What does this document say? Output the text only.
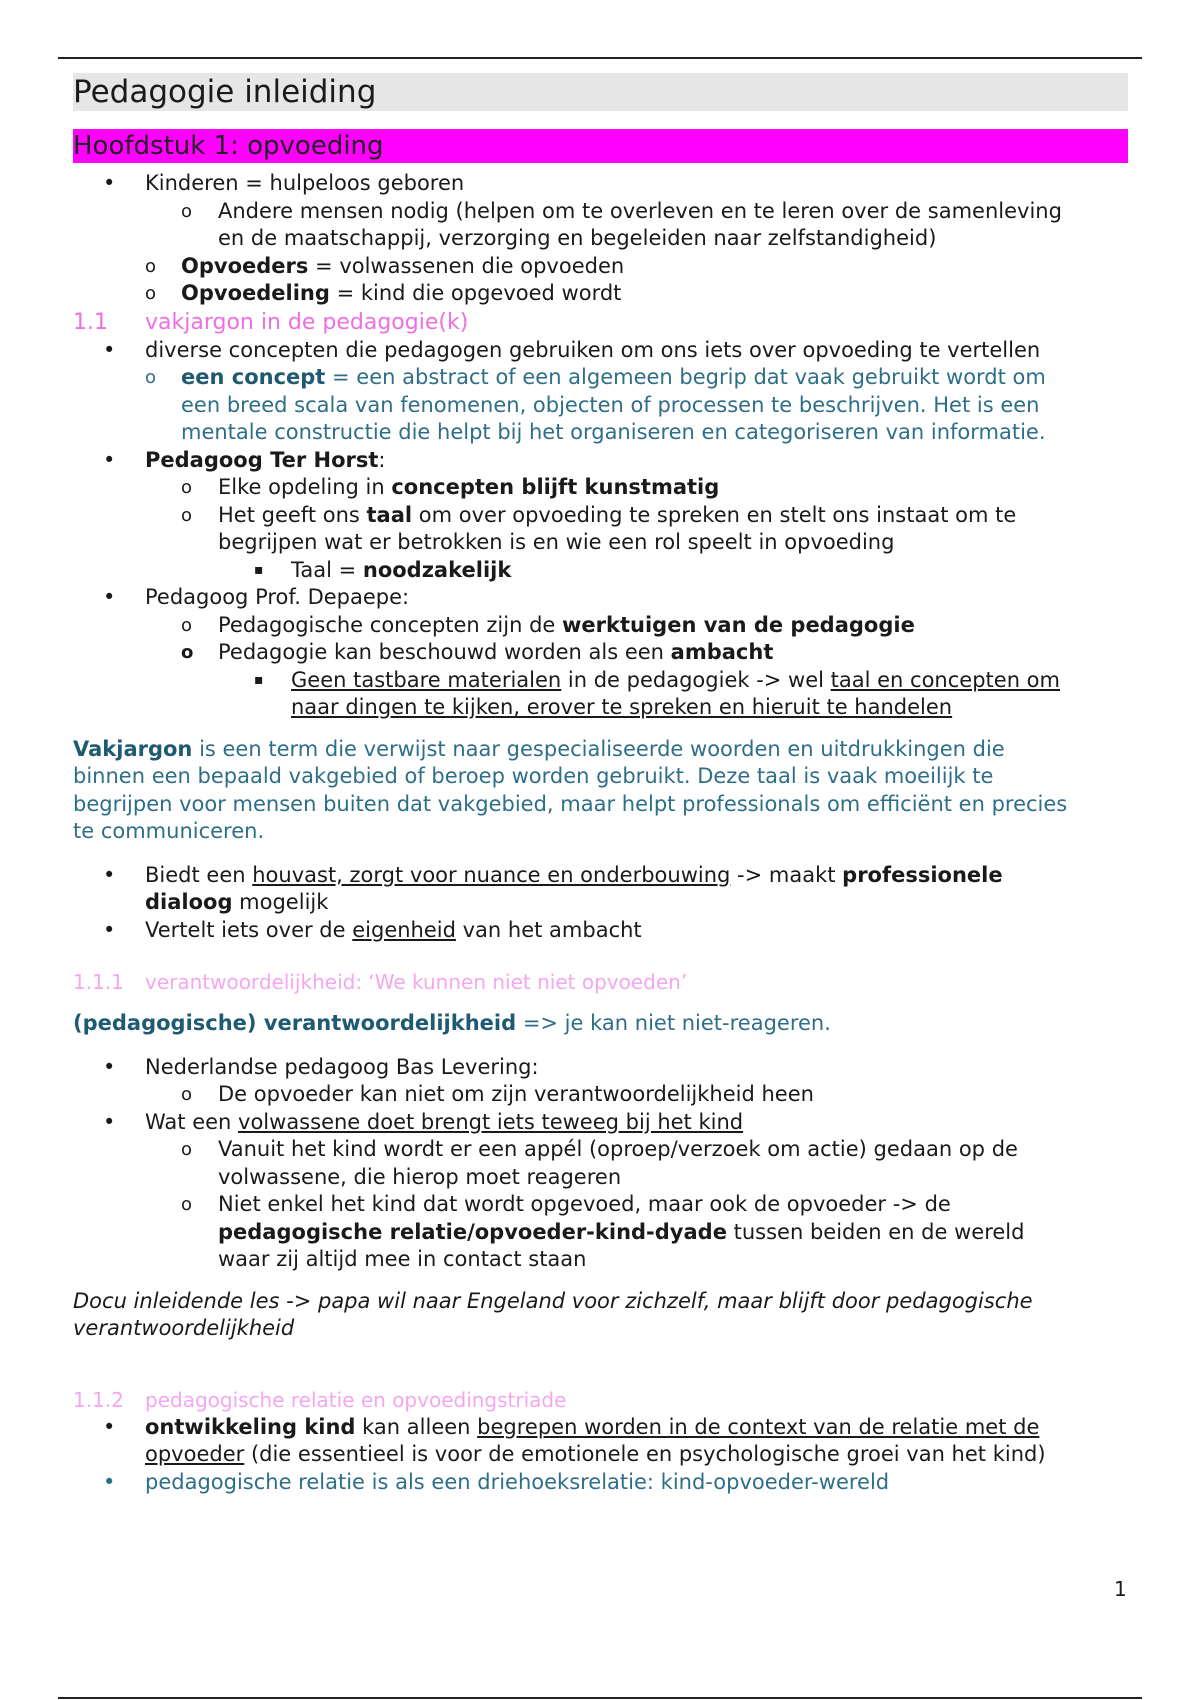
Pedagogie inleiding
Hoofdstuk 1: opvoeding
• Kinderen = hulpeloos geboren
o Andere mensen nodig (helpen om te overleven en te leren over de samenleving
en de maatschappij, verzorging en begeleiden naar zelfstandigheid)
o Opvoeders = volwassenen die opvoeden
o Opvoedeling = kind die opgevoed wordt
1.1 vakjargon in de pedagogie(k)
• diverse concepten die pedagogen gebruiken om ons iets over opvoeding te vertellen
o een concept = een abstract of een algemeen begrip dat vaak gebruikt wordt om
een breed scala van fenomenen, objecten of processen te beschrijven. Het is een
mentale constructie die helpt bij het organiseren en categoriseren van informatie.
• Pedagoog Ter Horst:
o Elke opdeling in concepten blijft kunstmatig
o Het geeft ons taal om over opvoeding te spreken en stelt ons instaat om te
begrijpen wat er betrokken is en wie een rol speelt in opvoeding
▪ Taal = noodzakelijk
• Pedagoog Prof. Depaepe:
o Pedagogische concepten zijn de werktuigen van de pedagogie
o Pedagogie kan beschouwd worden als een ambacht
▪ Geen tastbare materialen in de pedagogiek -> wel taal en concepten om
naar dingen te kijken, erover te spreken en hieruit te handelen
Vakjargon is een term die verwijst naar gespecialiseerde woorden en uitdrukkingen die
binnen een bepaald vakgebied of beroep worden gebruikt. Deze taal is vaak moeilijk te
begrijpen voor mensen buiten dat vakgebied, maar helpt professionals om efficiënt en precies
te communiceren.
• Biedt een houvast, zorgt voor nuance en onderbouwing -> maakt professionele
dialoog mogelijk
• Vertelt iets over de eigenheid van het ambacht
1.1.1 verantwoordelijkheid: ‘We kunnen niet niet opvoeden’
(pedagogische) verantwoordelijkheid => je kan niet niet-reageren.
• Nederlandse pedagoog Bas Levering:
o De opvoeder kan niet om zijn verantwoordelijkheid heen
• Wat een volwassene doet brengt iets teweeg bij het kind
o Vanuit het kind wordt er een appél (oproep/verzoek om actie) gedaan op de
volwassene, die hierop moet reageren
o Niet enkel het kind dat wordt opgevoed, maar ook de opvoeder -> de
pedagogische relatie/opvoeder-kind-dyade tussen beiden en de wereld
waar zij altijd mee in contact staan
Docu inleidende les -> papa wil naar Engeland voor zichzelf, maar blijft door pedagogische
verantwoordelijkheid
1.1.2 pedagogische relatie en opvoedingstriade
• ontwikkeling kind kan alleen begrepen worden in de context van de relatie met de
opvoeder (die essentieel is voor de emotionele en psychologische groei van het kind)
• pedagogische relatie is als een driehoeksrelatie: kind-opvoeder-wereld
1
